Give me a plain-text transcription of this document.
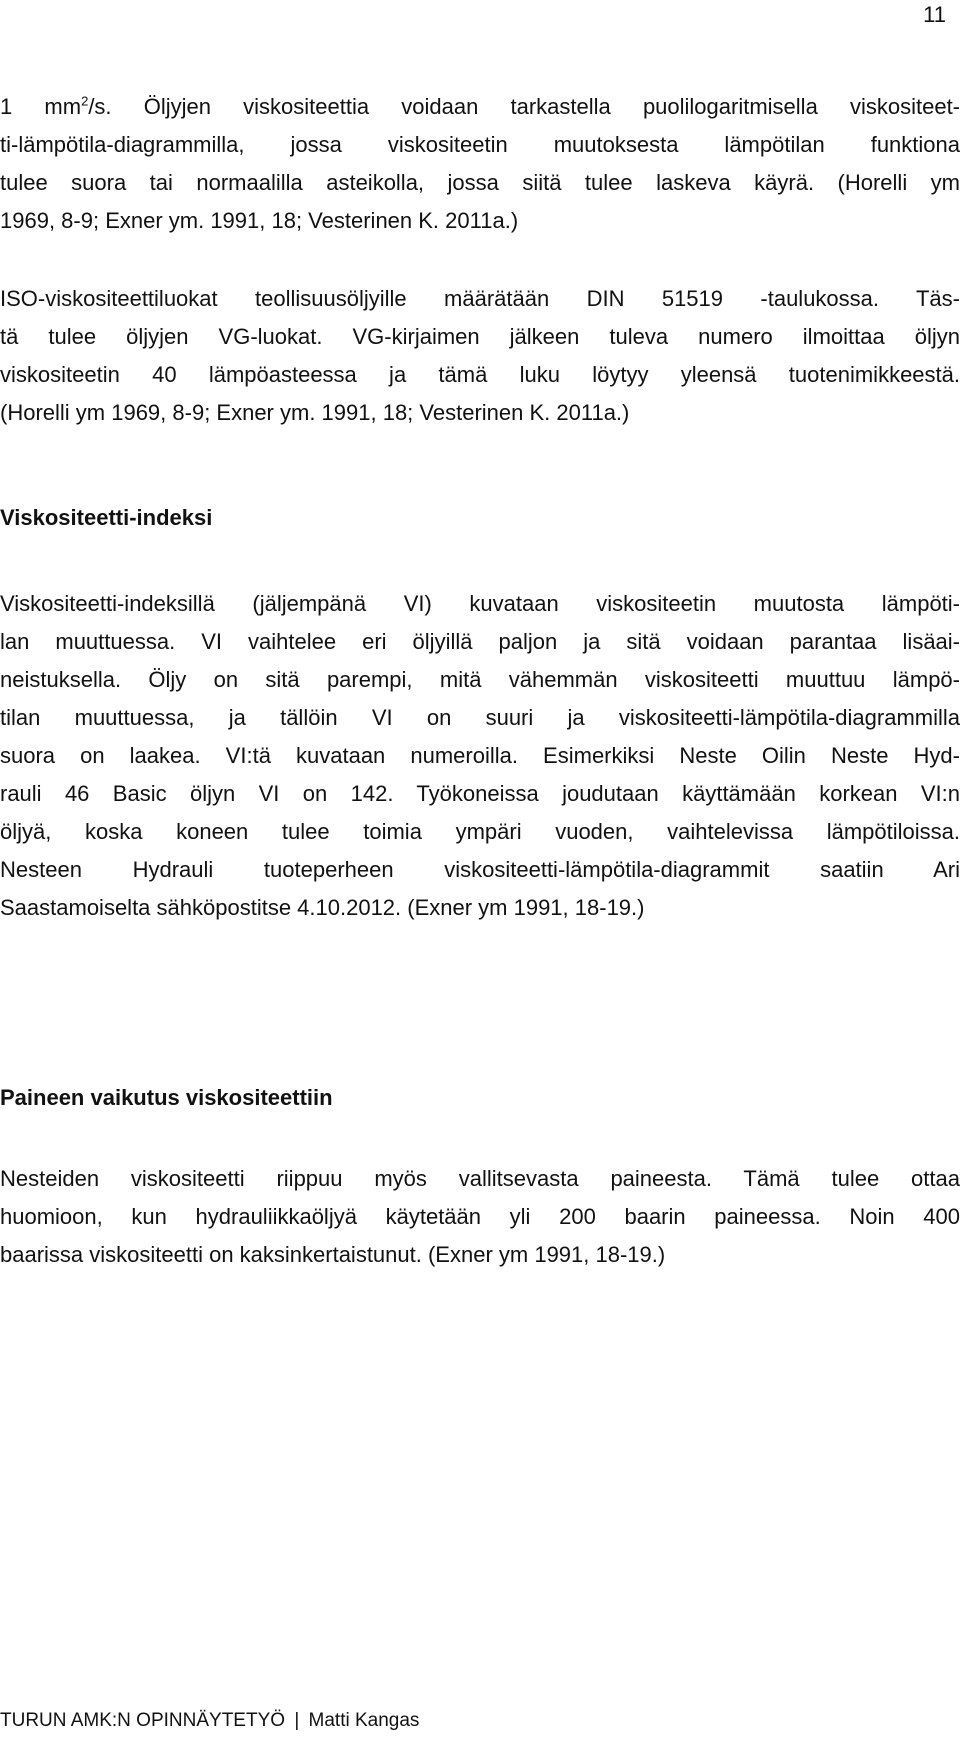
11
1 $mm^2/s$. Öljyjen viskositeettia voidaan tarkastella puolilogaritmisella viskositeet-
ti-lämpötila-diagrammilla, jossa viskositeetin muutoksesta lämpötilan funktiona
tulee suora tai normaalilla asteikolla, jossa siitä tulee laskeva käyrä. (Horelli ym
1969, 8-9; Exner ym. 1991, 18; Vesterinen K. 2011a.)
ISO-viskositeettiluokat teollisuusöljyille määrätään DIN 51519 -taulukossa. Täs-
tä tulee öljyjen VG-luokat. VG-kirjaimen jälkeen tuleva numero ilmoittaa öljyn
viskositeetin 40 lämpöasteessa ja tämä luku löytyy yleensä tuotenimikkeestä.
(Horelli ym 1969, 8-9; Exner ym. 1991, 18; Vesterinen K. 2011a.)
Viskositeetti-indeksi
Viskositeetti-indeksillä (jäljempänä VI) kuvataan viskositeetin muutosta lämpöti-
lan muuttuessa. VI vaihtelee eri öljyillä paljon ja sitä voidaan parantaa lisäai-
neistuksella. Öljy on sitä parempi, mitä vähemmän viskositeetti muuttuu lämpö-
tilan muuttuessa, ja tällöin VI on suuri ja viskositeetti-lämpötila-diagrammilla
suora on laakea. VI:tä kuvataan numeroilla. Esimerkiksi Neste Oilin Neste Hyd-
rauli 46 Basic öljyn VI on 142. Työkoneissa joudutaan käyttämään korkean VI:n
öljyä, koska koneen tulee toimia ympäri vuoden, vaihtelevissa lämpötiloissa.
Nesteen Hydrauli tuoteperheen viskositeetti-lämpötila-diagrammit saatiin Ari
Saastamoiselta sähköpostitse 4.10.2012. (Exner ym 1991, 18-19.)
Paineen vaikutus viskositeettiin
Nesteiden viskositeetti riippuu myös vallitsevasta paineesta. Tämä tulee ottaa
huomioon, kun hydrauliikkaöljyä käytetään yli 200 baarin paineessa. Noin 400
baarissa viskositeetti on kaksinkertaistunut. (Exner ym 1991, 18-19.)
TURUN AMK:N OPINNÄYTETYÖ | Matti Kangas
